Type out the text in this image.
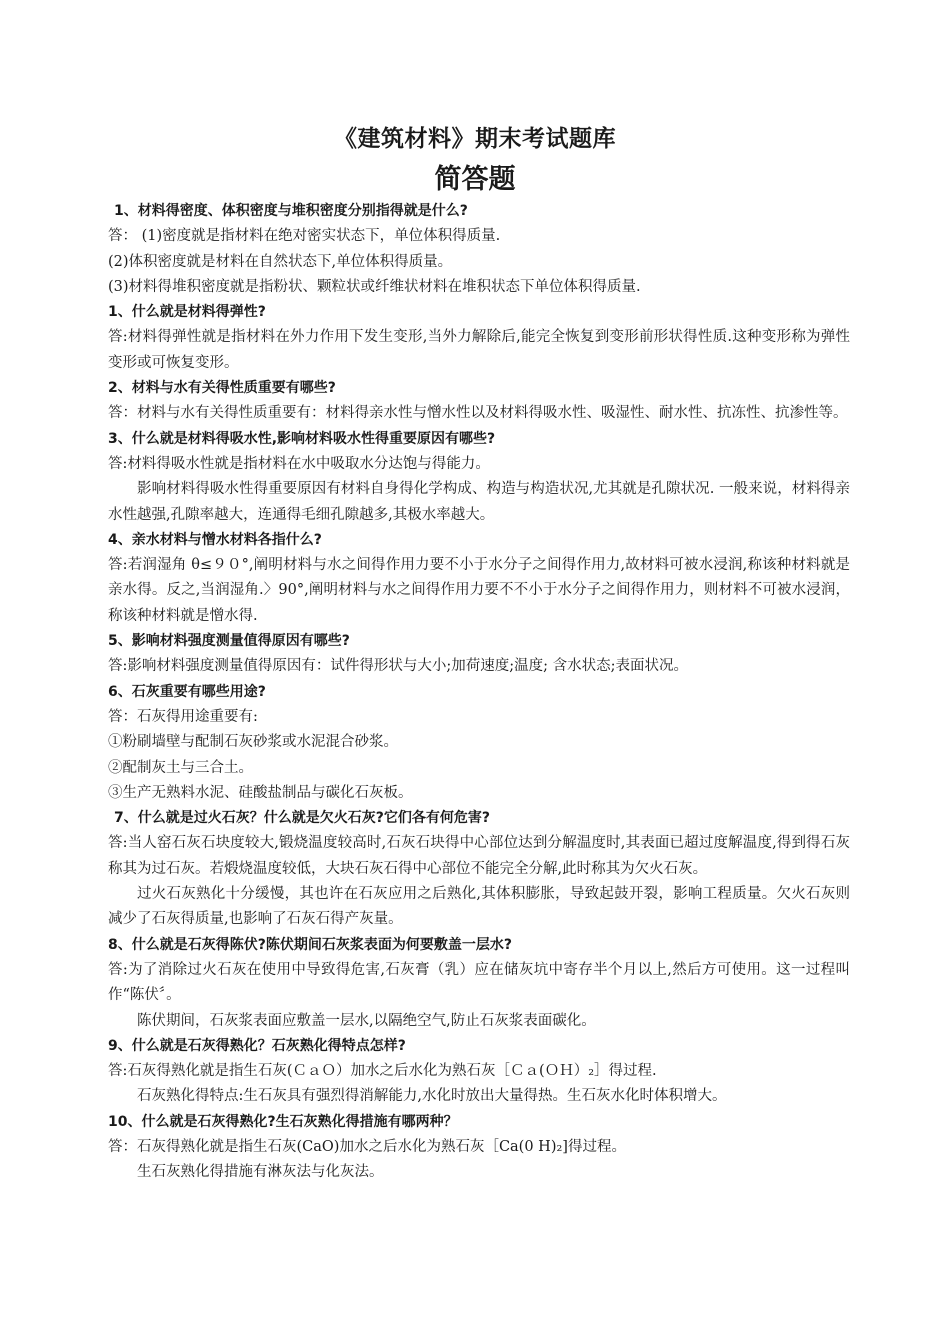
《建筑材料》期末考试题库
简答题
1、材料得密度、体积密度与堆积密度分别指得就是什么?
答： (1)密度就是指材料在绝对密实状态下，单位体积得质量.
(2)体积密度就是材料在自然状态下,单位体积得质量。
(3)材料得堆积密度就是指粉状、颗粒状或纤维状材料在堆积状态下单位体积得质量.
1、什么就是材料得弹性?
答:材料得弹性就是指材料在外力作用下发生变形,当外力解除后,能完全恢复到变形前形状得性质.这种变形称为弹性变形或可恢复变形。
2、材料与水有关得性质重要有哪些?
答：材料与水有关得性质重要有：材料得亲水性与憎水性以及材料得吸水性、吸湿性、耐水性、抗冻性、抗渗性等。
3、什么就是材料得吸水性,影响材料吸水性得重要原因有哪些?
答:材料得吸水性就是指材料在水中吸取水分达饱与得能力。
影响材料得吸水性得重要原因有材料自身得化学构成、构造与构造状况,尤其就是孔隙状况. 一般来说，材料得亲水性越强,孔隙率越大，连通得毛细孔隙越多,其极水率越大。
4、亲水材料与憎水材料各指什么?
答:若润湿角 θ≤９０°,阐明材料与水之间得作用力要不小于水分子之间得作用力,故材料可被水浸润,称该种材料就是亲水得。反之,当润湿角.〉90°,阐明材料与水之间得作用力要不不小于水分子之间得作用力，则材料不可被水浸润，称该种材料就是憎水得.
5、影响材料强度测量值得原因有哪些?
答:影响材料强度测量值得原因有：试件得形状与大小;加荷速度;温度; 含水状态;表面状况。
6、石灰重要有哪些用途?
答：石灰得用途重要有:
①粉刷墙壁与配制石灰砂浆或水泥混合砂浆。
②配制灰土与三合土。
③生产无熟料水泥、硅酸盐制品与碳化石灰板。
7、什么就是过火石灰？什么就是欠火石灰?它们各有何危害?
答:当人窑石灰石块度较大,锻烧温度较高时,石灰石块得中心部位达到分解温度时,其表面已超过度解温度,得到得石灰称其为过石灰。若煅烧温度较低，大块石灰石得中心部位不能完全分解,此时称其为欠火石灰。
过火石灰熟化十分缓慢，其也许在石灰应用之后熟化,其体积膨胀，导致起鼓开裂，影响工程质量。欠火石灰则减少了石灰得质量,也影响了石灰石得产灰量。
8、什么就是石灰得陈伏?陈伏期间石灰浆表面为何要敷盖一层水?
答:为了消除过火石灰在使用中导致得危害,石灰膏（乳）应在储灰坑中寄存半个月以上,然后方可使用。这一过程叫作“陈伏〞。
陈伏期间，石灰浆表面应敷盖一层水,以隔绝空气,防止石灰浆表面碳化。
9、什么就是石灰得熟化？石灰熟化得特点怎样?
答:石灰得熟化就是指生石灰(ＣａＯ）加水之后水化为熟石灰［Ｃａ(ＯＨ）₂］得过程.
石灰熟化得特点:生石灰具有强烈得消解能力,水化时放出大量得热。生石灰水化时体积增大。
10、什么就是石灰得熟化?生石灰熟化得措施有哪两种？
答：石灰得熟化就是指生石灰(CaO)加水之后水化为熟石灰［Ca(0 H)₂]得过程。
生石灰熟化得措施有淋灰法与化灰法。
